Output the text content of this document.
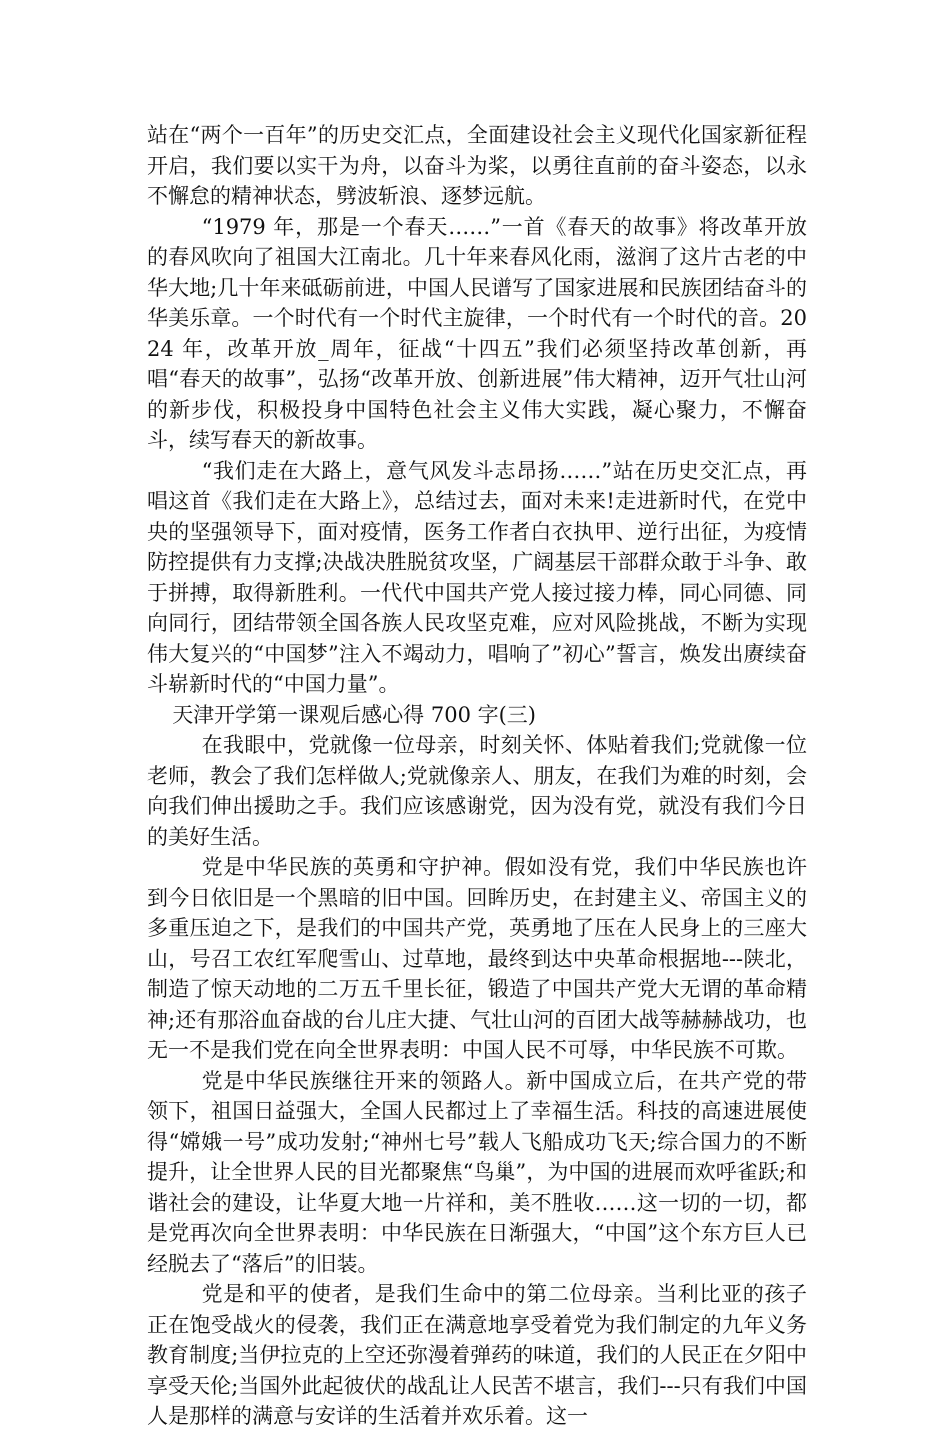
站在“两个一百年”的历史交汇点，全面建设社会主义现代化国家新征程开启，我们要以实干为舟，以奋斗为桨，以勇往直前的奋斗姿态，以永不懈怠的精神状态，劈波斩浪、逐梦远航。

“1979 年，那是一个春天……”一首《春天的故事》将改革开放的春风吹向了祖国大江南北。几十年来春风化雨，滋润了这片古老的中华大地;几十年来砥砺前进，中国人民谱写了国家进展和民族团结奋斗的华美乐章。一个时代有一个时代主旋律，一个时代有一个时代的音。2024 年，改革开放_周年，征战“十四五”我们必须坚持改革创新，再唱“春天的故事”，弘扬“改革开放、创新进展”伟大精神，迈开气壮山河的新步伐，积极投身中国特色社会主义伟大实践，凝心聚力，不懈奋斗，续写春天的新故事。

“我们走在大路上，意气风发斗志昂扬……”站在历史交汇点，再唱这首《我们走在大路上》，总结过去，面对未来!走进新时代，在党中央的坚强领导下，面对疫情，医务工作者白衣执甲、逆行出征，为疫情防控提供有力支撑;决战决胜脱贫攻坚，广阔基层干部群众敢于斗争、敢于拼搏，取得新胜利。一代代中国共产党人接过接力棒，同心同德、同向同行，团结带领全国各族人民攻坚克难，应对风险挑战，不断为实现伟大复兴的“中国梦”注入不竭动力，唱响了”初心”誓言，焕发出赓续奋斗崭新时代的“中国力量”。

天津开学第一课观后感心得 700 字(三)

在我眼中，党就像一位母亲，时刻关怀、体贴着我们;党就像一位老师，教会了我们怎样做人;党就像亲人、朋友，在我们为难的时刻，会向我们伸出援助之手。我们应该感谢党，因为没有党，就没有我们今日的美好生活。

党是中华民族的英勇和守护神。假如没有党，我们中华民族也许到今日依旧是一个黑暗的旧中国。回眸历史，在封建主义、帝国主义的多重压迫之下，是我们的中国共产党，英勇地了压在人民身上的三座大山，号召工农红军爬雪山、过草地，最终到达中央革命根据地---陕北，制造了惊天动地的二万五千里长征，锻造了中国共产党大无谓的革命精神;还有那浴血奋战的台儿庄大捷、气壮山河的百团大战等赫赫战功，也无一不是我们党在向全世界表明：中国人民不可辱，中华民族不可欺。

党是中华民族继往开来的领路人。新中国成立后，在共产党的带领下，祖国日益强大，全国人民都过上了幸福生活。科技的高速进展使得“嫦娥一号”成功发射;“神州七号”载人飞船成功飞天;综合国力的不断提升，让全世界人民的目光都聚焦“鸟巢”，为中国的进展而欢呼雀跃;和谐社会的建设，让华夏大地一片祥和，美不胜收……这一切的一切，都是党再次向全世界表明：中华民族在日渐强大，“中国”这个东方巨人已经脱去了“落后”的旧装。

党是和平的使者，是我们生命中的第二位母亲。当利比亚的孩子正在饱受战火的侵袭，我们正在满意地享受着党为我们制定的九年义务教育制度;当伊拉克的上空还弥漫着弹药的味道，我们的人民正在夕阳中享受天伦;当国外此起彼伏的战乱让人民苦不堪言，我们---只有我们中国人是那样的满意与安详的生活着并欢乐着。这一
